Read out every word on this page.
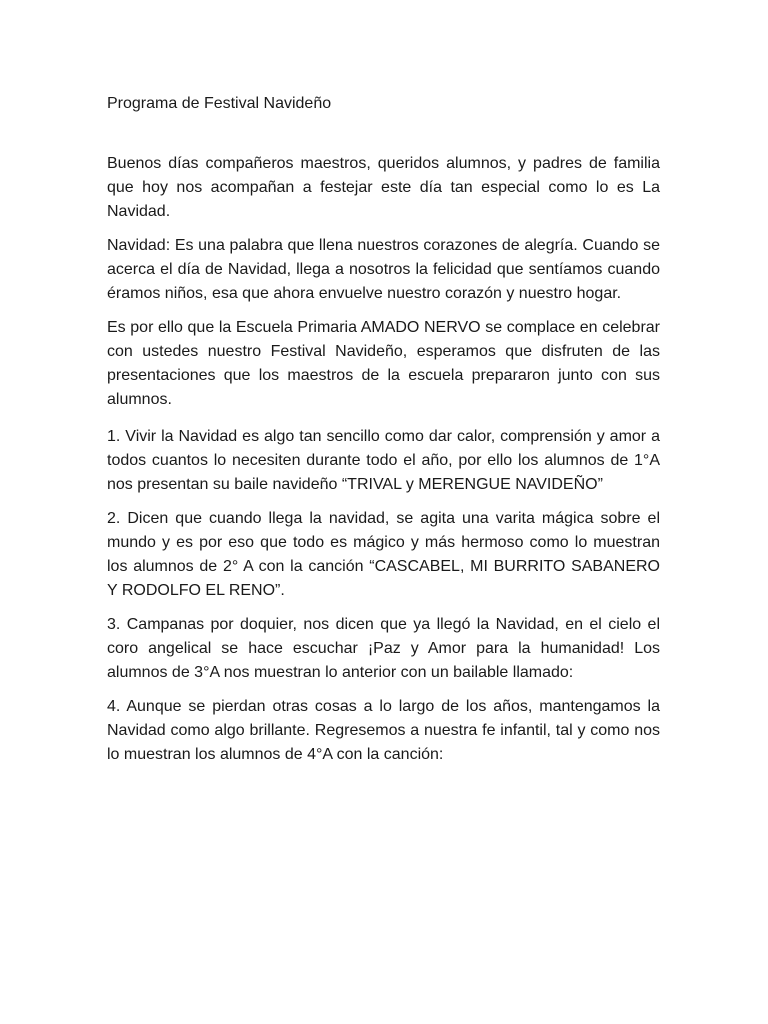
Programa de Festival Navideño

Buenos días compañeros maestros, queridos alumnos, y padres de familia que hoy nos acompañan a festejar este día tan especial como lo es La Navidad.

Navidad: Es una palabra que llena nuestros corazones de alegría. Cuando se acerca el día de Navidad, llega a nosotros la felicidad que sentíamos cuando éramos niños, esa que ahora envuelve nuestro corazón y nuestro hogar.

Es por ello que la Escuela Primaria AMADO NERVO se complace en celebrar con ustedes nuestro Festival Navideño, esperamos que disfruten de las presentaciones que los maestros de la escuela prepararon junto con sus alumnos.

1. Vivir la Navidad es algo tan sencillo como dar calor, comprensión y amor a todos cuantos lo necesiten durante todo el año, por ello los alumnos de 1°A nos presentan su baile navideño “TRIVAL y MERENGUE NAVIDEÑO”

2. Dicen que cuando llega la navidad, se agita una varita mágica sobre el mundo y es por eso que todo es mágico y más hermoso como lo muestran los alumnos de 2° A con la canción “CASCABEL, MI BURRITO SABANERO Y RODOLFO EL RENO”.

3. Campanas por doquier, nos dicen que ya llegó la Navidad, en el cielo el coro angelical se hace escuchar ¡Paz y Amor para la humanidad! Los alumnos de 3°A nos muestran lo anterior con un bailable llamado:

4. Aunque se pierdan otras cosas a lo largo de los años, mantengamos la Navidad como algo brillante. Regresemos a nuestra fe infantil, tal y como nos lo muestran los alumnos de 4°A con la canción:
